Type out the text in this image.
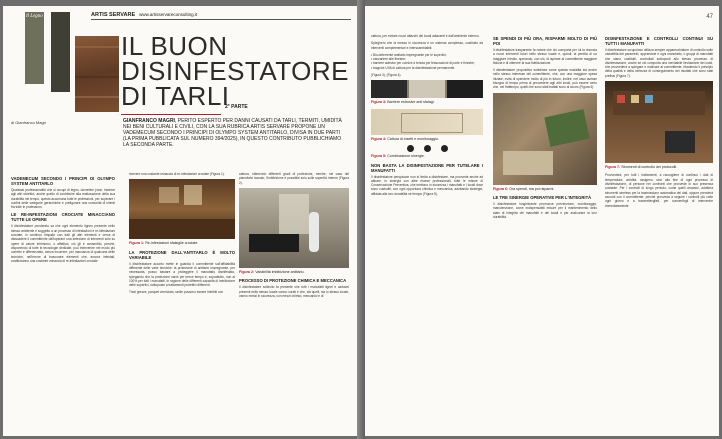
Il Legno
46
ARTIS SERVARE www.artisservareconsulting.it
IL BUON
DISINFESTATORE
DI TARLI
2° PARTE
di Gianfranco Magri	GIANFRANCO MAGRI, PERITO ESPERTO PER DANNI CAUSATI DA TARLI, TERMITI, UMIDITÀ NEI BENI CULTURALI E CIVILI, CON LA SUA RUBRICA ARTIS SERVARE PROPONE UN VADEMECUM SECONDO I PRINCIPI DI OLYMPO SYSTEM ANTITARLO, DIVISA IN DUE PARTI (LA PRIMA PUBBLICATA SUL NUMERO 394/2025), IN QUESTO CONTRIBUTO PUBBLICHIAMO LA SECONDA PARTE.
VADEMECUM SECONDO I PRINCIPI DI OLYMPO SYSTEM ANTITARLO

Qualsiasi professionalità che si occupi di legno, dovrebbe porsi, insieme agli altri obiettivi, anche quello di contribuire alla realizzazione della sua durabilità nel tempo, questo accomuna tutte le professioni, per superare i confini delle categorie gerarchiche e prefigurare una comunità di intenti fra tutte le professioni.

LE RE-INFESTAZIONI CROCIATE MINACCIANO TUTTE LE OPERE

Il disinfestatore ponderato sa che ogni elemento ligneo presente nello stesso ambiente è soggetto a un processo di infestazioni e re-infestazioni crociate, in continuo rimpallo con tutti gli altri elementi e cerca di dissuadere il committente dall'operare una selezione di interventi solo su opere di valore intrinseco, o affettivo; ciò gli è consentito, perché, disponendo di tutte le tecnologie dedicate, può intervenire nel modo più corretto e differenziato, senza incorrere, per mancanza di qualcuna delle tecniche, nell'errore di trascurare elementi che, ancora infestati, costituiranno una costante minaccia di re-infestazioni crociate

ricevere una costante minaccia di re-infestazioni crociate (Figura 1).

Figura 1: Re-infestazioni sfalsiglie crociate.
LA PROTEZIONE DALL'ANTITARLO È MOLTO VARIABILE

Il disinfestatore accorto mette in guardia il committente sull'affidabilità differente delle varie tecniche: la protezione di antitarlo impregnante, per necessaria, posso bastare a proteggere il manufatto disinfestato, spiegando che la protezione varrà per breve tempo e, soprattutto, non al 100% per tutti i manufatti, in ragione delle differenti capacità di imbibizione delle superfici, sottoposte a trattamenti protettivi differenti.

Travi grezze, parquet verniciato, sedie possono essere imbibiti con

cattura, ottenendo differenti gradi di protezione, mentre, nel caso del pianoforte laccato, l'imbibizione è possibile solo sulle superfici interne (Figura 2).

Figura 2: Variabilità imbibizione antitarlo.
PROCESSO DI PROTEZIONE CHIMICA E MECCANICA

Il disinfestatore sollecito fa presente che tutti i manufatti lignei e cartacei presenti nello stesso locale vanno curati e che, sia quelli, sia lo stesso locale, vanno messi in sicurezza, con mezzi chimici, meccanici e di

47

cattura, per evitare nuovi attacchi dei locali adiacenti e dall'ambiente esterno.

Spieghero che la messa in sicurezza è un sistema complesso, costituito da interventi complementari e interscambiabili:

• Bio-deterrente antitarlo impregnante per le superfici;

• zanzariere alle finestre;

• barriere adesive per cornice a tenuta per fessurazioni di porte e finestre;

• trappole UVA di cattura per la disinfestazione permanente.

(Figura 3), (Figura 4).

Figura 3: Barriere estrusive anti sfalagi.
Figura 4: Cattura di insetti e monitoraggio.
Figura 5: Combinazione sinergie.
NON BASTA LA DISINFESTAZIONE PER TUTELARE I MANUFATTI

Il disinfestatore perspicace non si limita a disinfestare, ma provvede anche ad attuare, in sinergia con altre risorse professionali, tutte le misure di Conservazione Preventiva, che mettono in sicurezza i manufatti e i locali dove sono custoditi, con ogni opportuna chimica e meccanica, adottando strategie, affidata alla loro durabilità nel tempo (Figura 5).

SE SPENDI DI PIÙ ORA, RISPARMI MOLTO DI PIÙ POI

Il disinfestatore trasparente fa notare che ciò comporta per lui la rinuncia a nuovi interventi futuri nello stesso locale e, quindi, la perdita di un maggiore introito, sperando, con ciò, di ispirare al committente maggiore fiducia e di ottenere la sua fidelizzazione.

Il disinfestatore propositivo sottolinea come questa modalità sia anche nello stesso interesse del committente, che, con una maggiore spesa iniziale, evita di spendere molto di più in futuro, inoltre, nel caso avesse bisogno di tempo prima di provvedere agli altri locali, può essere certo che, nel frattempo, quelli che sono stati trattati sono al sicuro (Figura 6)

Figura 6: Ora spendi, ma poi risparmi.
LE TRE SINERGIE OPERATIVE PER L'INTEGRITÀ

Il disinfestatore lungimirante promuove prevenzione, monitoraggio, manutenzione, come indispensabili misure per il mantenimento dello stato di integrità dei manufatti e dei locali e per assicurare la loro durabilità.

DISINFESTAZIONE E CONTROLLI CONTINUI SU TUTTI I MANUFATTI

Il disinfestatore scrupoloso utilizza sempre apparecchiature di controllo sulle variabilità dei parametri, apprendole e ogni manufatto, o gruppi di manufatti che siano costituiti, controllati sottoposti allo stesso processo di disinfestazione, anche se ciò comporta una inevitabile lievitazione dei costi, che provvederà a spiegare e motivare al committente, ribadendo il principio della qualità e della certezza di conseguimento dei risultati che sono stati prefissi (Figura 7).

Figura 7: Strumenti di controllo dei protocolli.

Provvederà, per tutti i trattamenti, a raccogliere di continuo i dati di temperatura, umidità, ossigeno, sino alla fine di ogni processo di disinfestazione, di persone nei confronti che provvede in suo presenza costante. Per i controlli di lungo periodo, come quelli anossici, adotterà strumenti wireless per la trasmissione automatica dei dati, oppure prenderà accordi con il committente, perché provveda a seguire i controlli più volte ogni giorno e a trasmetterglieli, per consentirgli di intervenire immediatamente
